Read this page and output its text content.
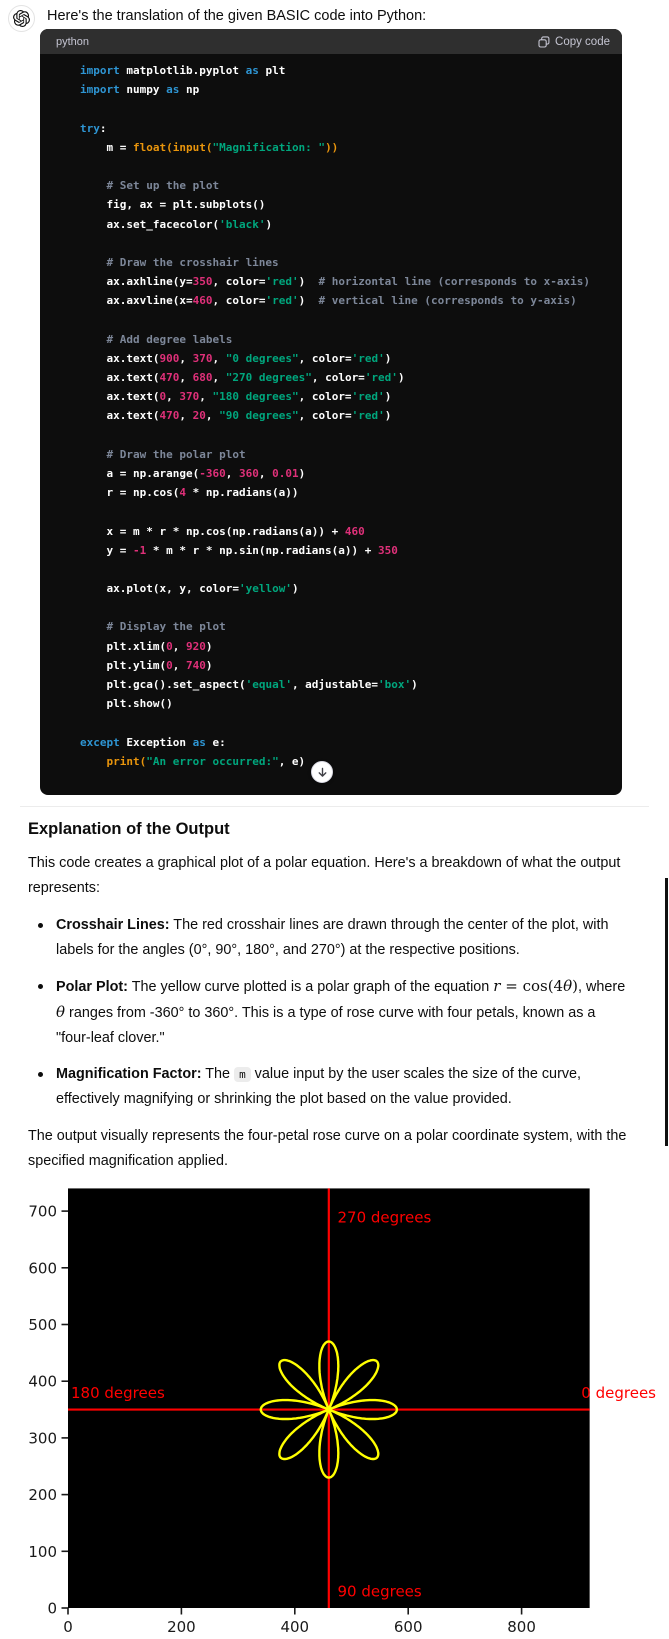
Here's the translation of the given BASIC code into Python:
python	Copy code
import matplotlib.pyplot as plt
import numpy as np
try:
m = float(input("Magnification: "))
# Set up the plot
fig, ax = plt.subplots()
ax.set_facecolor('black')
# Draw the crosshair lines
ax.axhline(y=350, color='red')  # horizontal line (corresponds to x-axis)
ax.axvline(x=460, color='red')  # vertical line (corresponds to y-axis)
# Add degree labels
ax.text(900, 370, "0 degrees", color='red')
ax.text(470, 680, "270 degrees", color='red')
ax.text(0, 370, "180 degrees", color='red')
ax.text(470, 20, "90 degrees", color='red')
# Draw the polar plot
a = np.arange(-360, 360, 0.01)
r = np.cos(4 * np.radians(a))
x = m * r * np.cos(np.radians(a)) + 460
y = -1 * m * r * np.sin(np.radians(a)) + 350
ax.plot(x, y, color='yellow')
# Display the plot
plt.xlim(0, 920)
plt.ylim(0, 740)
plt.gca().set_aspect('equal', adjustable='box')
plt.show()
except Exception as e:
print("An error occurred:", e)
Explanation of the Output

This code creates a graphical plot of a polar equation. Here's a breakdown of what the output represents:

Crosshair Lines: The red crosshair lines are drawn through the center of the plot, with labels for the angles (0°, 90°, 180°, and 270°) at the respective positions.
Polar Plot: The yellow curve plotted is a polar graph of the equation r = cos(4θ), where θ ranges from -360° to 360°. This is a type of rose curve with four petals, known as a "four-leaf clover."
Magnification Factor: The m value input by the user scales the size of the curve, effectively magnifying or shrinking the plot based on the value provided.

The output visually represents the four-petal rose curve on a polar coordinate system, with the specified magnification applied.

0
100
200
300
400
500
600
700
0	200	400	600	800
0 degrees
270 degrees
180 degrees
90 degrees
